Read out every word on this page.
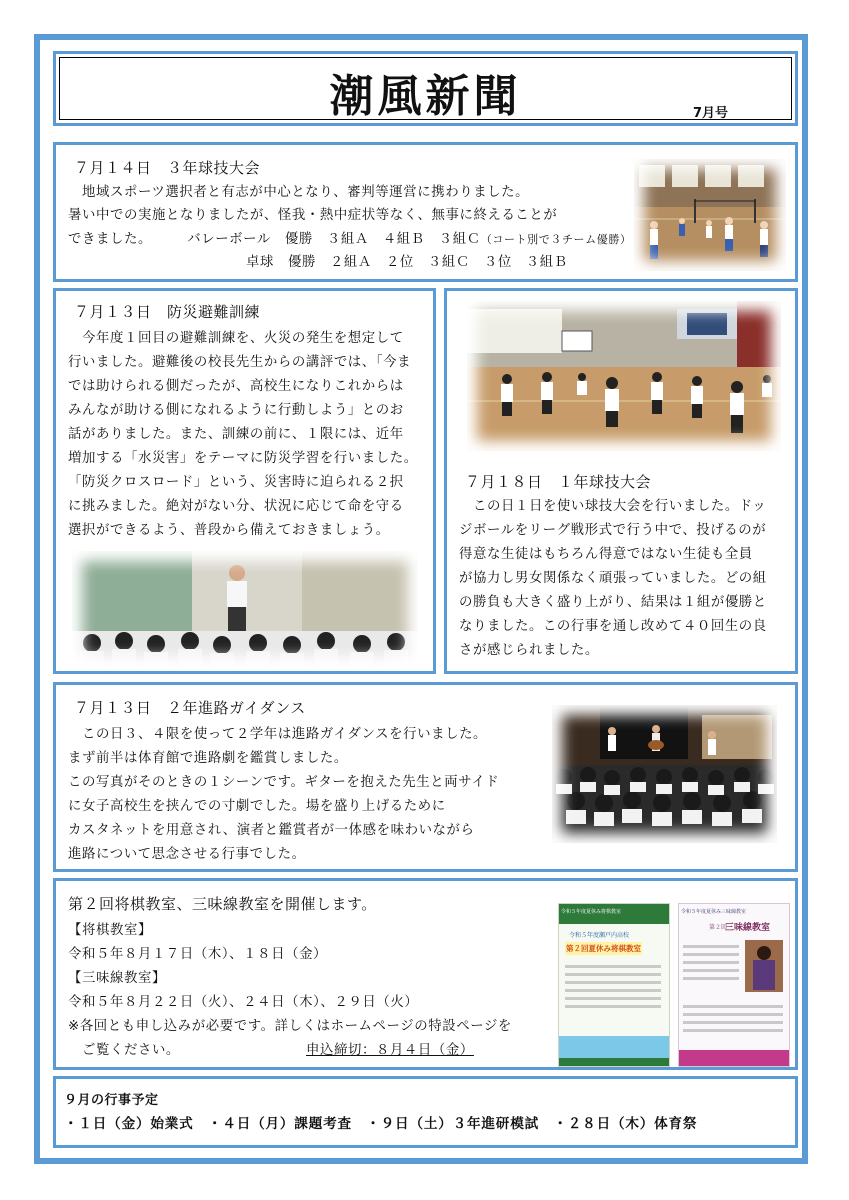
潮風新聞	7月号
７月１４日　３年球技大会
　地域スポーツ選択者と有志が中心となり、審判等運営に携わりました。
暑い中での実施となりましたが、怪我・熱中症状等なく、無事に終えることが
できました。　　　バレーボール　優勝　３組Ａ　４組Ｂ　３組Ｃ（コート別で３チーム優勝）
卓球　優勝　２組Ａ　２位　３組Ｃ　３位　３組Ｂ
７月１３日　防災避難訓練
　今年度１回目の避難訓練を、火災の発生を想定して
行いました。避難後の校長先生からの講評では、「今ま
では助けられる側だったが、高校生になりこれからは
みんなが助ける側になれるように行動しよう」とのお
話がありました。また、訓練の前に、１限には、近年
増加する「水災害」をテーマに防災学習を行いました。
「防災クロスロード」という、災害時に迫られる２択
に挑みました。絶対がない分、状況に応じて命を守る
選択ができるよう、普段から備えておきましょう。
７月１８日　１年球技大会
　この日１日を使い球技大会を行いました。ドッ
ジボールをリーグ戦形式で行う中で、投げるのが
得意な生徒はもちろん得意ではない生徒も全員
が協力し男女関係なく頑張っていました。どの組
の勝負も大きく盛り上がり、結果は１組が優勝と
なりました。この行事を通し改めて４０回生の良
さが感じられました。
７月１３日　２年進路ガイダンス
　この日３、４限を使って２学年は進路ガイダンスを行いました。
まず前半は体育館で進路劇を鑑賞しました。
この写真がそのときの１シーンです。ギターを抱えた先生と両サイド
に女子高校生を挟んでの寸劇でした。場を盛り上げるために
カスタネットを用意され、演者と鑑賞者が一体感を味わいながら
進路について思念させる行事でした。
第２回将棋教室、三味線教室を開催します。
【将棋教室】
令和５年８月１７日（木）、１８日（金）
【三味線教室】
令和５年８月２２日（火）、２４日（木）、２９日（火）
※各回とも申し込みが必要です。詳しくはホームページの特設ページを
　ご覧ください。	申込締切：８月４日（金）
令和５年度夏休み将棋教室
令和５年度瀬戸内高校
第２回夏休み将棋教室
令和５年度夏休み三味線教室
第２回
三味線教室
９月の行事予定
・１日（金）始業式　・４日（月）課題考査　・９日（土）３年進研模試　・２８日（木）体育祭
